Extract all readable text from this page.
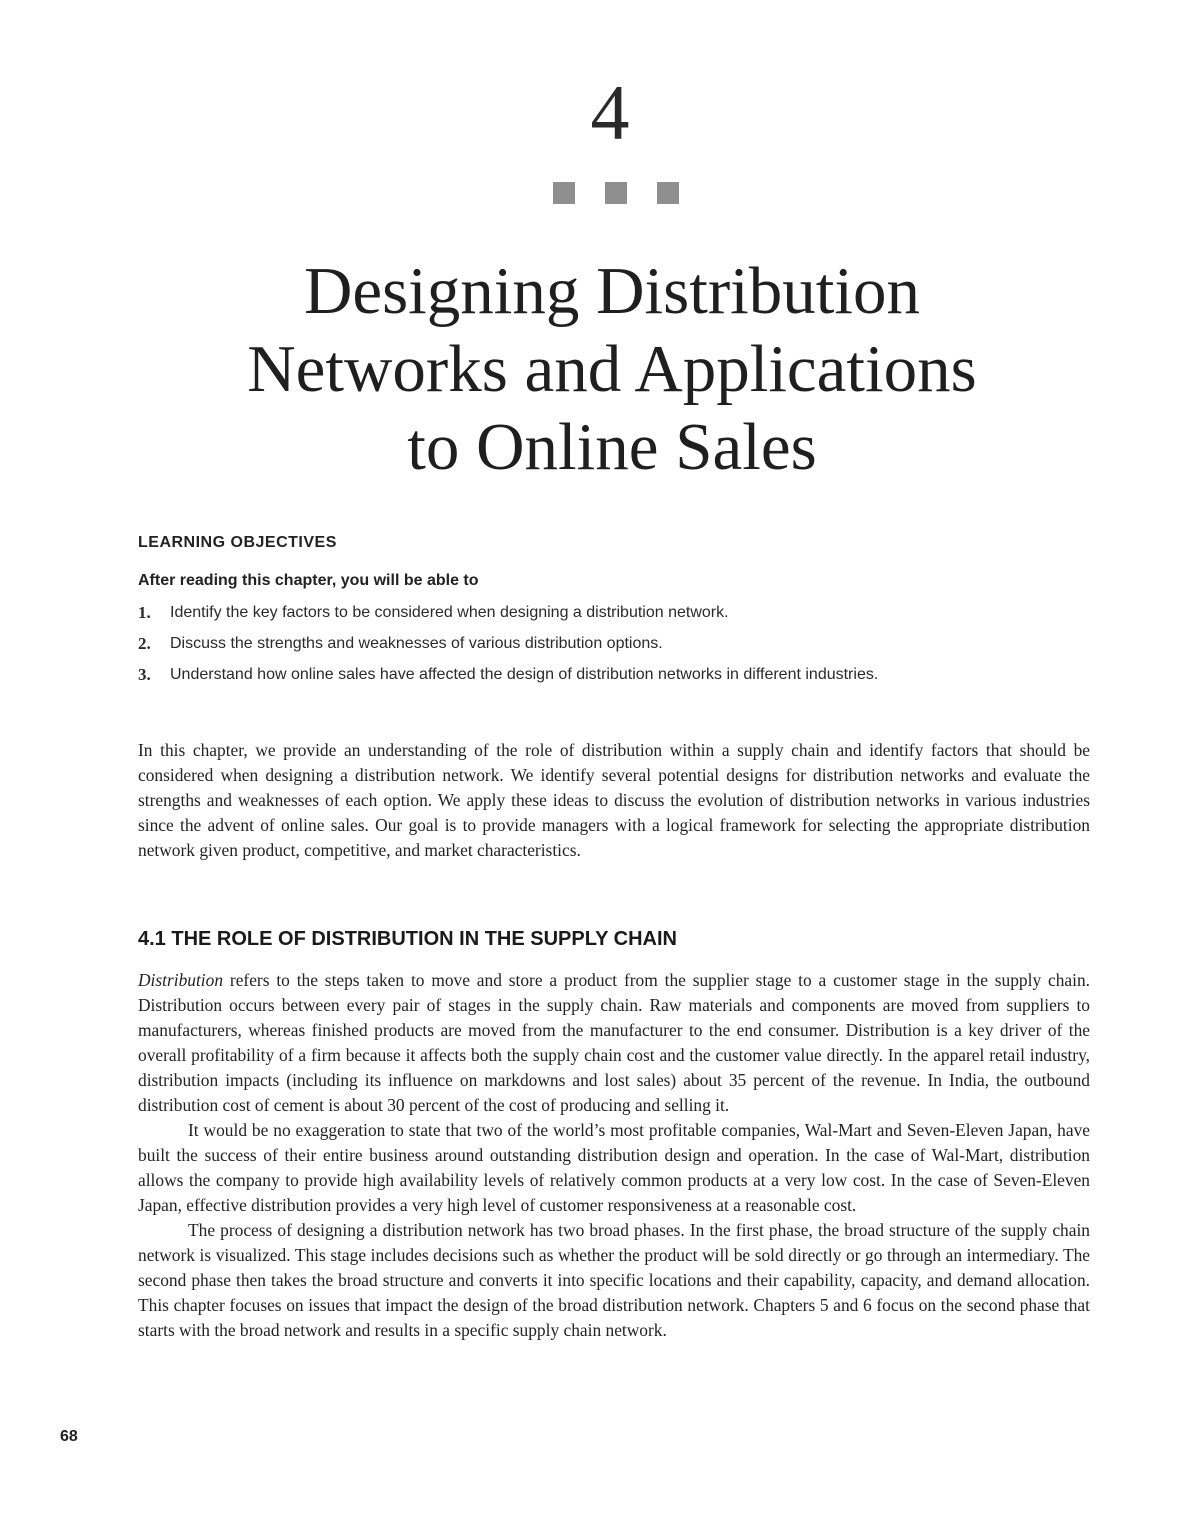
4
Designing Distribution
Networks and Applications
to Online Sales
LEARNING OBJECTIVES
After reading this chapter, you will be able to
1. Identify the key factors to be considered when designing a distribution network.
2. Discuss the strengths and weaknesses of various distribution options.
3. Understand how online sales have affected the design of distribution networks in different industries.

In this chapter, we provide an understanding of the role of distribution within a supply chain and identify factors that should be considered when designing a distribution network. We identify several potential designs for distribution networks and evaluate the strengths and weaknesses of each option. We apply these ideas to discuss the evolution of distribution networks in various industries since the advent of online sales. Our goal is to provide managers with a logical framework for selecting the appropriate distribution network given product, competitive, and market characteristics.

4.1 THE ROLE OF DISTRIBUTION IN THE SUPPLY CHAIN

Distribution refers to the steps taken to move and store a product from the supplier stage to a customer stage in the supply chain. Distribution occurs between every pair of stages in the supply chain. Raw materials and components are moved from suppliers to manufacturers, whereas finished products are moved from the manufacturer to the end consumer. Distribution is a key driver of the overall profitability of a firm because it affects both the supply chain cost and the customer value directly. In the apparel retail industry, distribution impacts (including its influence on markdowns and lost sales) about 35 percent of the revenue. In India, the outbound distribution cost of cement is about 30 percent of the cost of producing and selling it.

It would be no exaggeration to state that two of the world’s most profitable companies, Wal-Mart and Seven-Eleven Japan, have built the success of their entire business around outstanding distribution design and operation. In the case of Wal-Mart, distribution allows the company to provide high availability levels of relatively common products at a very low cost. In the case of Seven-Eleven Japan, effective distribution provides a very high level of customer responsiveness at a reasonable cost.

The process of designing a distribution network has two broad phases. In the first phase, the broad structure of the supply chain network is visualized. This stage includes decisions such as whether the product will be sold directly or go through an intermediary. The second phase then takes the broad structure and converts it into specific locations and their capability, capacity, and demand allocation. This chapter focuses on issues that impact the design of the broad distribution network. Chapters 5 and 6 focus on the second phase that starts with the broad network and results in a specific supply chain network.

68
